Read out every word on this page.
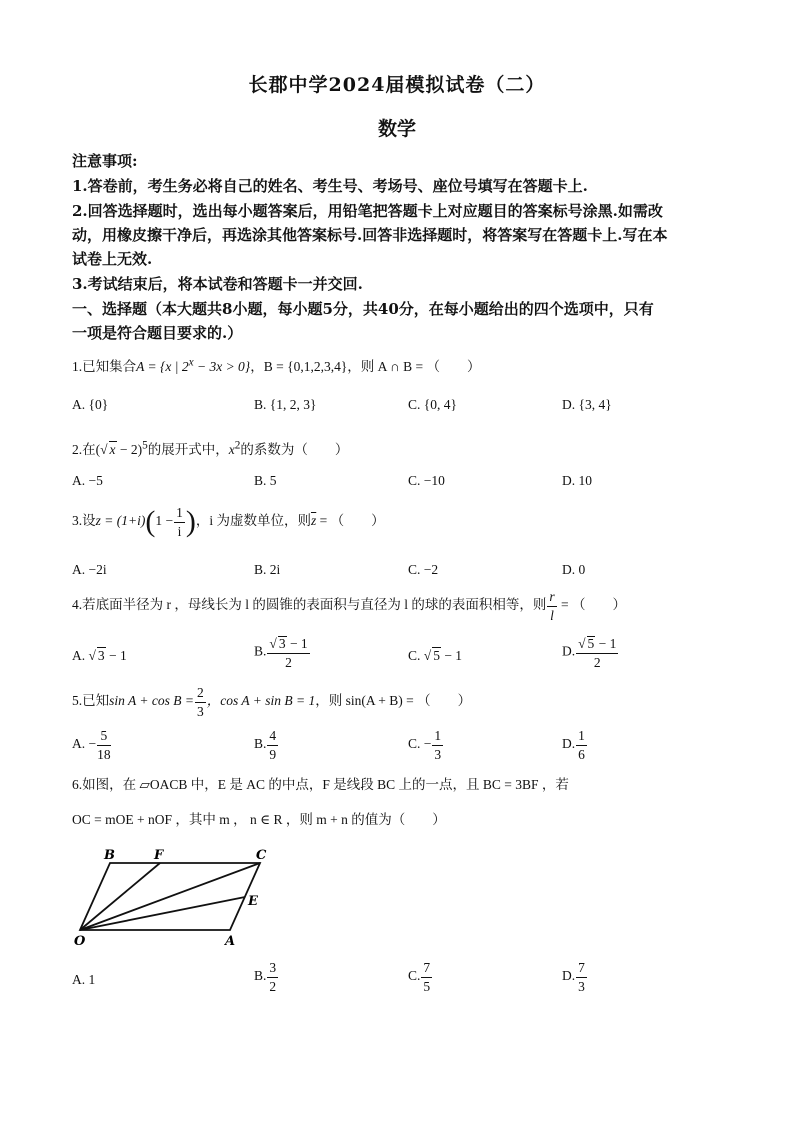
长郡中学2024届模拟试卷（二）
数学
注意事项:
1.答卷前，考生务必将自己的姓名、考生号、考场号、座位号填写在答题卡上.
2.回答选择题时，选出每小题答案后，用铅笔把答题卡上对应题目的答案标号涂黑.如需改
动，用橡皮擦干净后，再选涂其他答案标号.回答非选择题时，将答案写在答题卡上.写在本
试卷上无效.
3.考试结束后，将本试卷和答题卡一并交回.
一、选择题（本大题共8小题，每小题5分，共40分，在每小题给出的四个选项中，只有
一项是符合题目要求的.）
1.已知集合A = {x | $2^x - 3x > 0$}，B = {0,1,2,3,4}，则 A ∩ B = （　　）
A. {0}	B. {1, 2, 3}	C. {0, 4}	D. {3, 4}
2.在(√ x − 2)$^5$的展开式中，$x^2$的系数为（　　）
A. −5	B. 5	C. −10	D. 10
3.设$z = (1+i)(1 - \frac{1}{i}$ )，i 为虚数单位，则$\overline{z}$ = （　　）
A. −2i	B. 2i	C. −2	D. 0
4.若底面半径为 r ，母线长为 l 的圆锥的表面积与直径为 l 的球的表面积相等，则 $\frac{r}{l}$ = （　　）
A. √ 3 − 1	B. $\frac{√ 3 - 1}{2}$	C. √ 5 − 1	D. $\frac{√ 5 - 1}{2}$
5.已知$\sin A + \cos B = \frac{2}{3}$ ，cos A + sin B = 1，则 sin(A + B) = （　　）
A. − $\frac{5}{18}$	B. $\frac{4}{9}$	C. − $\frac{1}{3}$	D. $\frac{1}{6}$
6.如图，在 ▱OACB 中，E 是 AC 的中点，F 是线段 BC 上的一点，且 BC = 3BF ，若
OC = mOE + nOF ，其中 m ， n ∈ R ，则 m + n 的值为（　　）
B	F	C
E
O	A
A. 1	B. $\frac{3}{2}$	C. $\frac{7}{5}$	D. $\frac{7}{3}$
